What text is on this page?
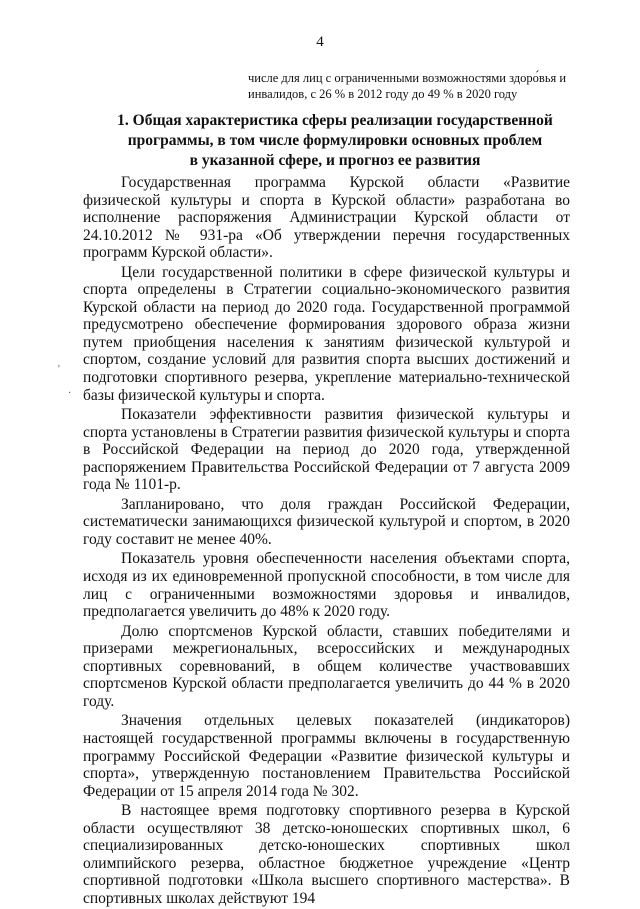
4
числе для лиц с ограниченными возможностями здоро́вья и
инвалидов, с 26 % в 2012 году до 49 % в 2020 году
1. Общая характеристика сферы реализации государственной
программы, в том числе формулировки основных проблем
в указанной сфере, и прогноз ее развития

Государственная программа Курской области «Развитие физической культуры и спорта в Курской области» разработана во исполнение распоряжения Администрации Курской области от 24.10.2012 № 931-ра «Об утверждении перечня государственных программ Курской области».

Цели государственной политики в сфере физической культуры и спорта определены в Стратегии социально-экономического развития Курской области на период до 2020 года. Государственной программой предусмотрено обеспечение формирования здорового образа жизни путем приобщения населения к занятиям физической культурой и спортом, создание условий для развития спорта высших достижений и подготовки спортивного резерва, укрепление материально-технической базы физической культуры и спорта.

Показатели эффективности развития физической культуры и спорта установлены в Стратегии развития физической культуры и спорта в Российской Федерации на период до 2020 года, утвержденной распоряжением Правительства Российской Федерации от 7 августа 2009 года № 1101-р.

Запланировано, что доля граждан Российской Федерации, систематически занимающихся физической культурой и спортом, в 2020 году составит не менее 40%.

Показатель уровня обеспеченности населения объектами спорта, исходя из их единовременной пропускной способности, в том числе для лиц с ограниченными возможностями здоровья и инвалидов, предполагается увеличить до 48% к 2020 году.

Долю спортсменов Курской области, ставших победителями и призерами межрегиональных, всероссийских и международных спортивных соревнований, в общем количестве участвовавших спортсменов Курской области предполагается увеличить до 44 % в 2020 году.

Значения отдельных целевых показателей (индикаторов) настоящей государственной программы включены в государственную программу Российской Федерации «Развитие физической культуры и спорта», утвержденную постановлением Правительства Российской Федерации от 15 апреля 2014 года № 302.

В настоящее время подготовку спортивного резерва в Курской области осуществляют 38 детско-юношеских спортивных школ, 6 специализированных детско-юношеских спортивных школ олимпийского резерва, областное бюджетное учреждение «Центр спортивной подготовки «Школа высшего спортивного мастерства». В спортивных школах действуют 194

'
·
